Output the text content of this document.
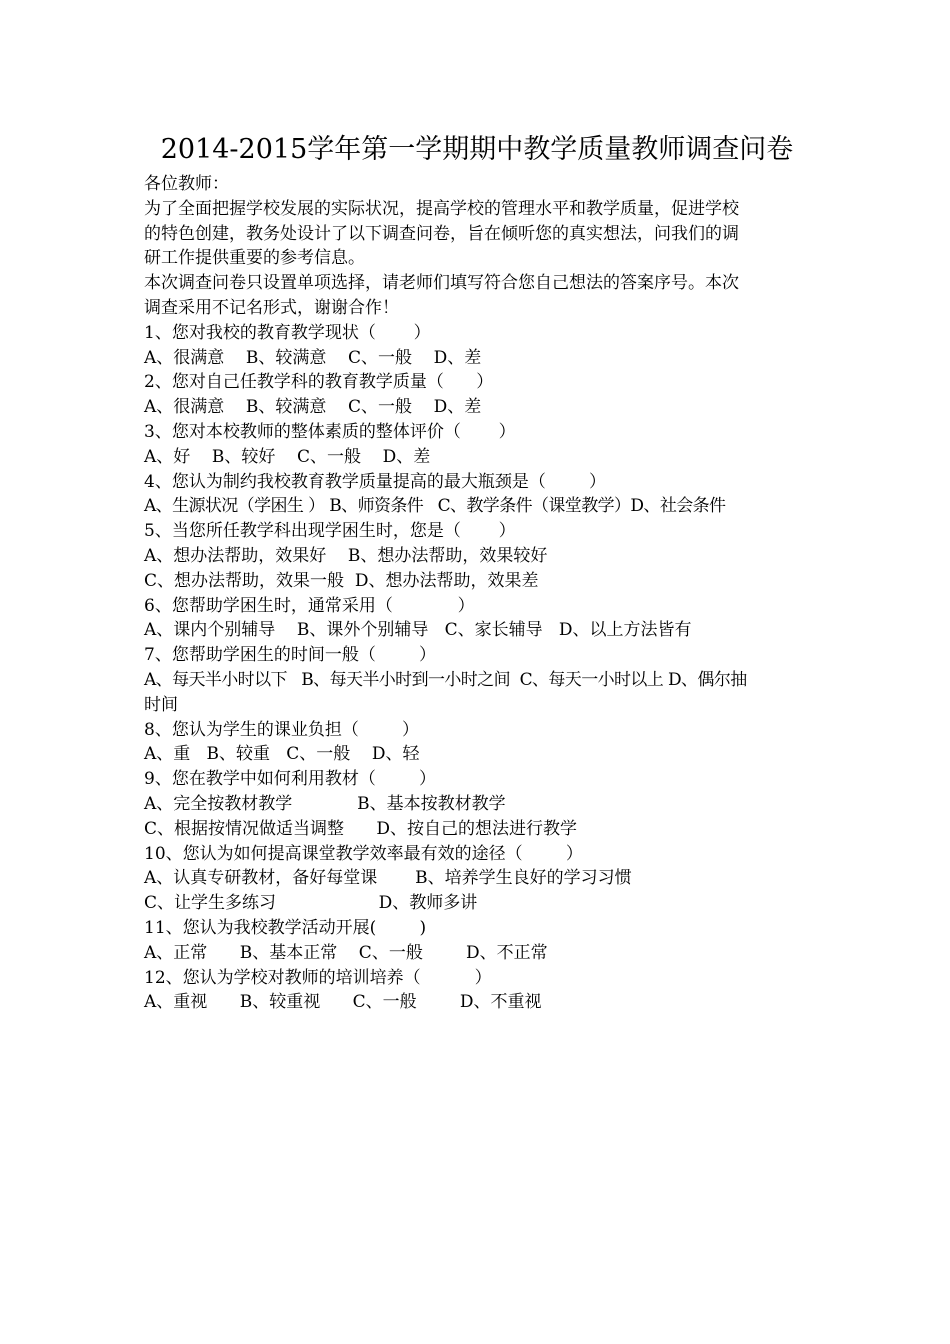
2014-2015学年第一学期期中教学质量教师调查问卷

各位教师：

为了全面把握学校发展的实际状况，提高学校的管理水平和教学质量，促进学校

的特色创建，教务处设计了以下调查问卷，旨在倾听您的真实想法，问我们的调

研工作提供重要的参考信息。

本次调查问卷只设置单项选择，请老师们填写符合您自己想法的答案序号。本次

调查采用不记名形式，谢谢合作！

1、您对我校的教育教学现状（       ）

A、很满意    B、较满意    C、一般    D、差

2、您对自己任教学科的教育教学质量（      ）

A、很满意    B、较满意    C、一般    D、差

3、您对本校教师的整体素质的整体评价（       ）

A、好    B、较好    C、一般    D、差

4、您认为制约我校教育教学质量提高的最大瓶颈是（        ）

A、生源状况（学困生 ） B、师资条件   C、教学条件（课堂教学）D、社会条件

5、当您所任教学科出现学困生时，您是（       ）

A、想办法帮助，效果好    B、想办法帮助，效果较好

C、想办法帮助，效果一般  D、想办法帮助，效果差

6、您帮助学困生时，通常采用（            ）

A、课内个别辅导    B、课外个别辅导   C、家长辅导   D、以上方法皆有

7、您帮助学困生的时间一般（        ）

A、每天半小时以下   B、每天半小时到一小时之间  C、每天一小时以上 D、偶尔抽

时间

8、您认为学生的课业负担（        ）

A、重   B、较重   C、一般    D、轻

9、您在教学中如何利用教材（        ）

A、完全按教材教学            B、基本按教材教学

C、根据按情况做适当调整      D、按自己的想法进行教学

10、您认为如何提高课堂教学效率最有效的途径（        ）

A、认真专研教材，备好每堂课       B、培养学生良好的学习习惯

C、让学生多练习                   D、教师多讲

11、您认为我校教学活动开展(        )

A、正常      B、基本正常    C、一般        D、不正常

12、您认为学校对教师的培训培养（          ）

A、重视      B、较重视      C、一般        D、不重视
